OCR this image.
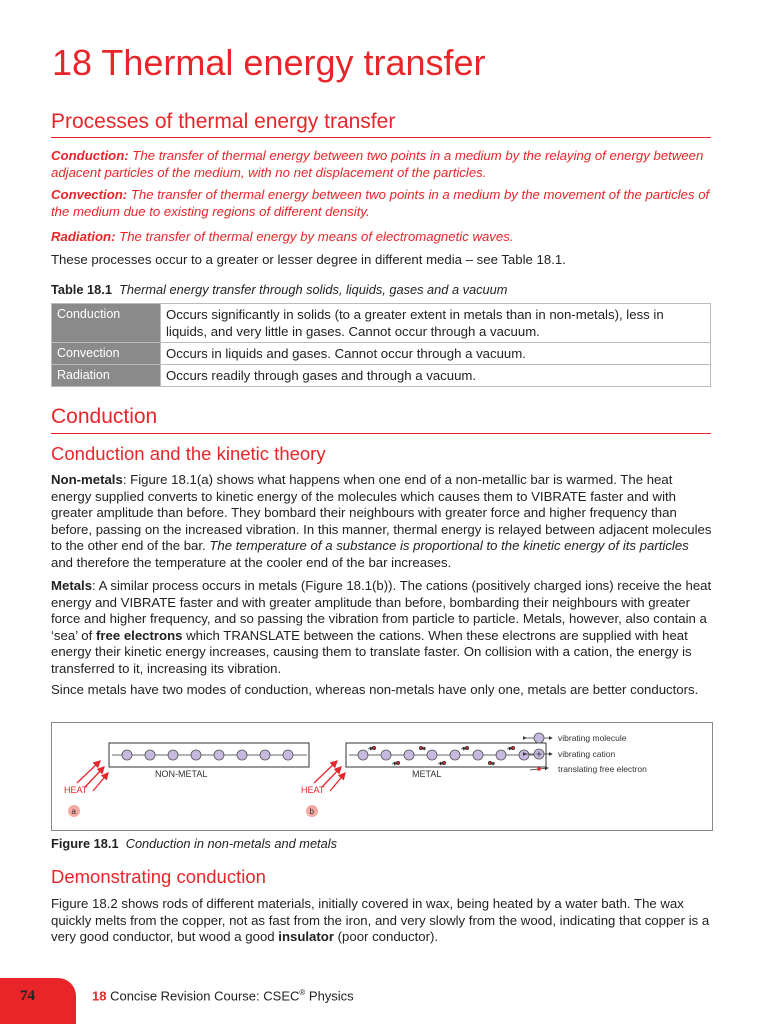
18 Thermal energy transfer
Processes of thermal energy transfer

Conduction: The transfer of thermal energy between two points in a medium by the relaying of energy between adjacent particles of the medium, with no net displacement of the particles.

Convection: The transfer of thermal energy between two points in a medium by the movement of the particles of the medium due to existing regions of different density.

Radiation: The transfer of thermal energy by means of electromagnetic waves.

These processes occur to a greater or lesser degree in different media – see Table 18.1.

Table 18.1 Thermal energy transfer through solids, liquids, gases and a vacuum
Conduction	Occurs significantly in solids (to a greater extent in metals than in non-metals), less in liquids, and very little in gases. Cannot occur through a vacuum.
Convection	Occurs in liquids and gases. Cannot occur through a vacuum.
Radiation	Occurs readily through gases and through a vacuum.
Conduction
Conduction and the kinetic theory

Non-metals: Figure 18.1(a) shows what happens when one end of a non-metallic bar is warmed. The heat energy supplied converts to kinetic energy of the molecules which causes them to VIBRATE faster and with greater amplitude than before. They bombard their neighbours with greater force and higher frequency than before, passing on the increased vibration. In this manner, thermal energy is relayed between adjacent molecules to the other end of the bar. The temperature of a substance is proportional to the kinetic energy of its particles and therefore the temperature at the cooler end of the bar increases.

Metals: A similar process occurs in metals (Figure 18.1(b)). The cations (positively charged ions) receive the heat energy and VIBRATE faster and with greater amplitude than before, bombarding their neighbours with greater force and higher frequency, and so passing the vibration from particle to particle. Metals, however, also contain a ‘sea’ of free electrons which TRANSLATE between the cations. When these electrons are supplied with heat energy their kinetic energy increases, causing them to translate faster. On collision with a cation, the energy is transferred to it, increasing its vibration.

Since metals have two modes of conduction, whereas non-metals have only one, metals are better conductors.

NON-METAL
HEAT
a
METAL
HEAT
b
vibrating molecule
vibrating cation
translating free electron
Figure 18.1 Conduction in non-metals and metals
Demonstrating conduction

Figure 18.2 shows rods of different materials, initially covered in wax, being heated by a water bath. The wax quickly melts from the copper, not as fast from the iron, and very slowly from the wood, indicating that copper is a very good conductor, but wood a good insulator (poor conductor).

74	18 Concise Revision Course: CSEC® Physics
